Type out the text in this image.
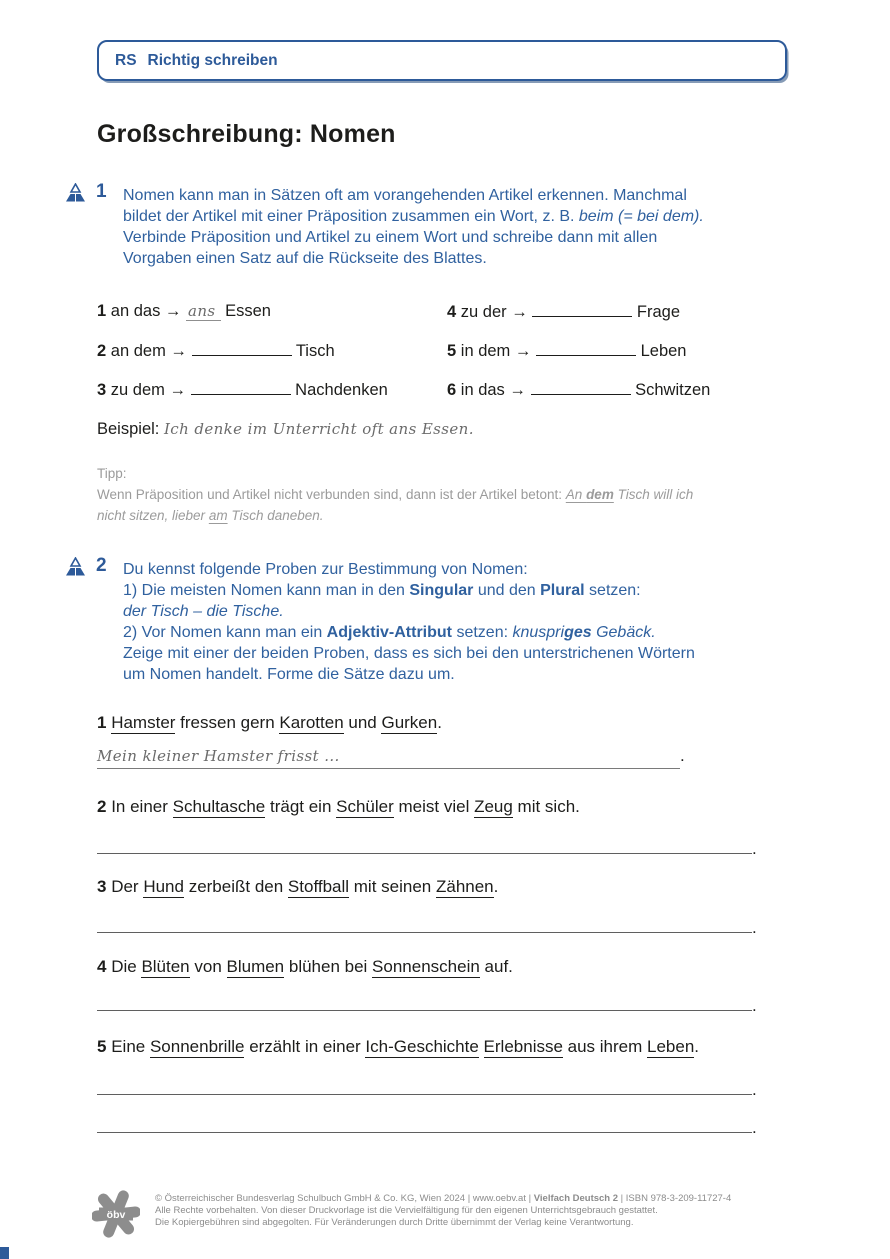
RS Richtig schreiben
Großschreibung: Nomen
1 Nomen kann man in Sätzen oft am vorangehenden Artikel erkennen. Manchmal
bildet der Artikel mit einer Präposition zusammen ein Wort, z. B. beim (= bei dem).
Verbinde Präposition und Artikel zu einem Wort und schreibe dann mit allen
Vorgaben einen Satz auf die Rückseite des Blattes.
1 an das → ans Essen
2 an dem →	Tisch
3 zu dem →	Nachdenken
4 zu der →	Frage
5 in dem →	Leben
6 in das →	Schwitzen
Beispiel: Ich denke im Unterricht oft ans Essen.
Tipp:
Wenn Präposition und Artikel nicht verbunden sind, dann ist der Artikel betont: An dem Tisch will ich
nicht sitzen, lieber am Tisch daneben.
2 Du kennst folgende Proben zur Bestimmung von Nomen:
1) Die meisten Nomen kann man in den Singular und den Plural setzen:
der Tisch – die Tische.
2) Vor Nomen kann man ein Adjektiv-Attribut setzen: knuspriges Gebäck.
Zeige mit einer der beiden Proben, dass es sich bei den unterstrichenen Wörtern
um Nomen handelt. Forme die Sätze dazu um.
1 Hamster fressen gern Karotten und Gurken.
Mein kleiner Hamster frisst ...	.
2 In einer Schultasche trägt ein Schüler meist viel Zeug mit sich.
.
3 Der Hund zerbeißt den Stoffball mit seinen Zähnen.
.
4 Die Blüten von Blumen blühen bei Sonnenschein auf.
.
5 Eine Sonnenbrille erzählt in einer Ich-Geschichte Erlebnisse aus ihrem Leben.
.
.
öbv
© Österreichischer Bundesverlag Schulbuch GmbH & Co. KG, Wien 2024 | www.oebv.at | Vielfach Deutsch 2 | ISBN 978-3-209-11727-4
Alle Rechte vorbehalten. Von dieser Druckvorlage ist die Vervielfältigung für den eigenen Unterrichtsgebrauch gestattet.
Die Kopiergebühren sind abgegolten. Für Veränderungen durch Dritte übernimmt der Verlag keine Verantwortung.
